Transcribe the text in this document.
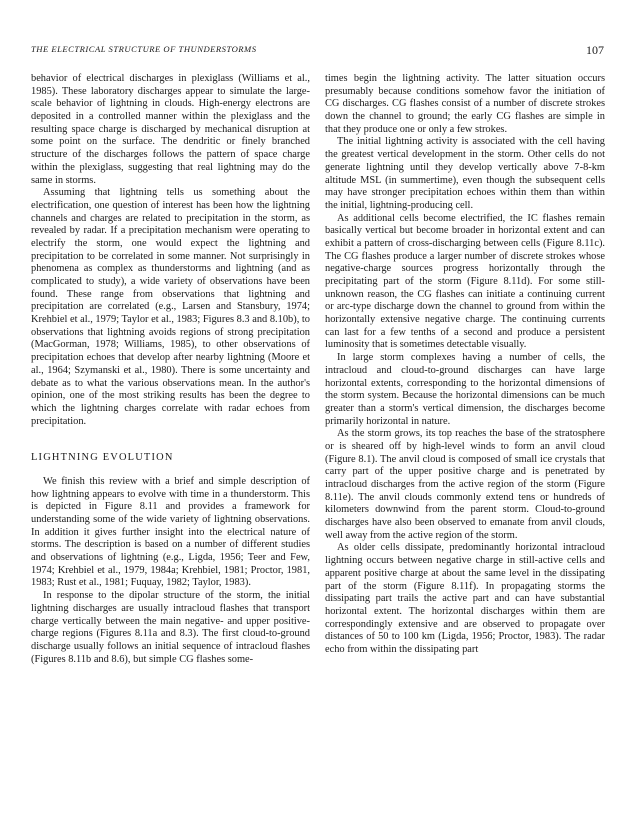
THE ELECTRICAL STRUCTURE OF THUNDERSTORMS	107

behavior of electrical discharges in plexiglass (Williams et al., 1985). These laboratory discharges appear to simulate the large-scale behavior of lightning in clouds. High-energy electrons are deposited in a controlled manner within the plexiglass and the resulting space charge is discharged by mechanical disruption at some point on the surface. The dendritic or finely branched structure of the discharges follows the pattern of space charge within the plexiglass, suggesting that real lightning may do the same in storms.

Assuming that lightning tells us something about the electrification, one question of interest has been how the lightning channels and charges are related to precipitation in the storm, as revealed by radar. If a precipitation mechanism were operating to electrify the storm, one would expect the lightning and precipitation to be correlated in some manner. Not surprisingly in phenomena as complex as thunderstorms and lightning (and as complicated to study), a wide variety of observations have been found. These range from observations that lightning and precipitation are correlated (e.g., Larsen and Stansbury, 1974; Krehbiel et al., 1979; Taylor et al., 1983; Figures 8.3 and 8.10b), to observations that lightning avoids regions of strong precipitation (MacGorman, 1978; Williams, 1985), to other observations of precipitation echoes that develop after nearby lightning (Moore et al., 1964; Szymanski et al., 1980). There is some uncertainty and debate as to what the various observations mean. In the author's opinion, one of the most striking results has been the degree to which the lightning charges correlate with radar echoes from precipitation.

LIGHTNING EVOLUTION

We finish this review with a brief and simple description of how lightning appears to evolve with time in a thunderstorm. This is depicted in Figure 8.11 and provides a framework for understanding some of the wide variety of lightning observations. In addition it gives further insight into the electrical nature of storms. The description is based on a number of different studies and observations of lightning (e.g., Ligda, 1956; Teer and Few, 1974; Krehbiel et al., 1979, 1984a; Krehbiel, 1981; Proctor, 1981, 1983; Rust et al., 1981; Fuquay, 1982; Taylor, 1983).

In response to the dipolar structure of the storm, the initial lightning discharges are usually intracloud flashes that transport charge vertically between the main negative- and upper positive-charge regions (Figures 8.11a and 8.3). The first cloud-to-ground discharge usually follows an initial sequence of intracloud flashes (Figures 8.11b and 8.6), but simple CG flashes some-

times begin the lightning activity. The latter situation occurs presumably because conditions somehow favor the initiation of CG discharges. CG flashes consist of a number of discrete strokes down the channel to ground; the early CG flashes are simple in that they produce one or only a few strokes.

The initial lightning activity is associated with the cell having the greatest vertical development in the storm. Other cells do not generate lightning until they develop vertically above 7-8-km altitude MSL (in summertime), even though the subsequent cells may have stronger precipitation echoes within them than within the initial, lightning-producing cell.

As additional cells become electrified, the IC flashes remain basically vertical but become broader in horizontal extent and can exhibit a pattern of cross-discharging between cells (Figure 8.11c). The CG flashes produce a larger number of discrete strokes whose negative-charge sources progress horizontally through the precipitating part of the storm (Figure 8.11d). For some still-unknown reason, the CG flashes can initiate a continuing current or arc-type discharge down the channel to ground from within the horizontally extensive negative charge. The continuing currents can last for a few tenths of a second and produce a persistent luminosity that is sometimes detectable visually.

In large storm complexes having a number of cells, the intracloud and cloud-to-ground discharges can have large horizontal extents, corresponding to the horizontal dimensions of the storm system. Because the horizontal dimensions can be much greater than a storm's vertical dimension, the discharges become primarily horizontal in nature.

As the storm grows, its top reaches the base of the stratosphere or is sheared off by high-level winds to form an anvil cloud (Figure 8.1). The anvil cloud is composed of small ice crystals that carry part of the upper positive charge and is penetrated by intracloud discharges from the active region of the storm (Figure 8.11e). The anvil clouds commonly extend tens or hundreds of kilometers downwind from the parent storm. Cloud-to-ground discharges have also been observed to emanate from anvil clouds, well away from the active region of the storm.

As older cells dissipate, predominantly horizontal intracloud lightning occurs between negative charge in still-active cells and apparent positive charge at about the same level in the dissipating part of the storm (Figure 8.11f). In propagating storms the dissipating part trails the active part and can have substantial horizontal extent. The horizontal discharges within them are correspondingly extensive and are observed to propagate over distances of 50 to 100 km (Ligda, 1956; Proctor, 1983). The radar echo from within the dissipating part
